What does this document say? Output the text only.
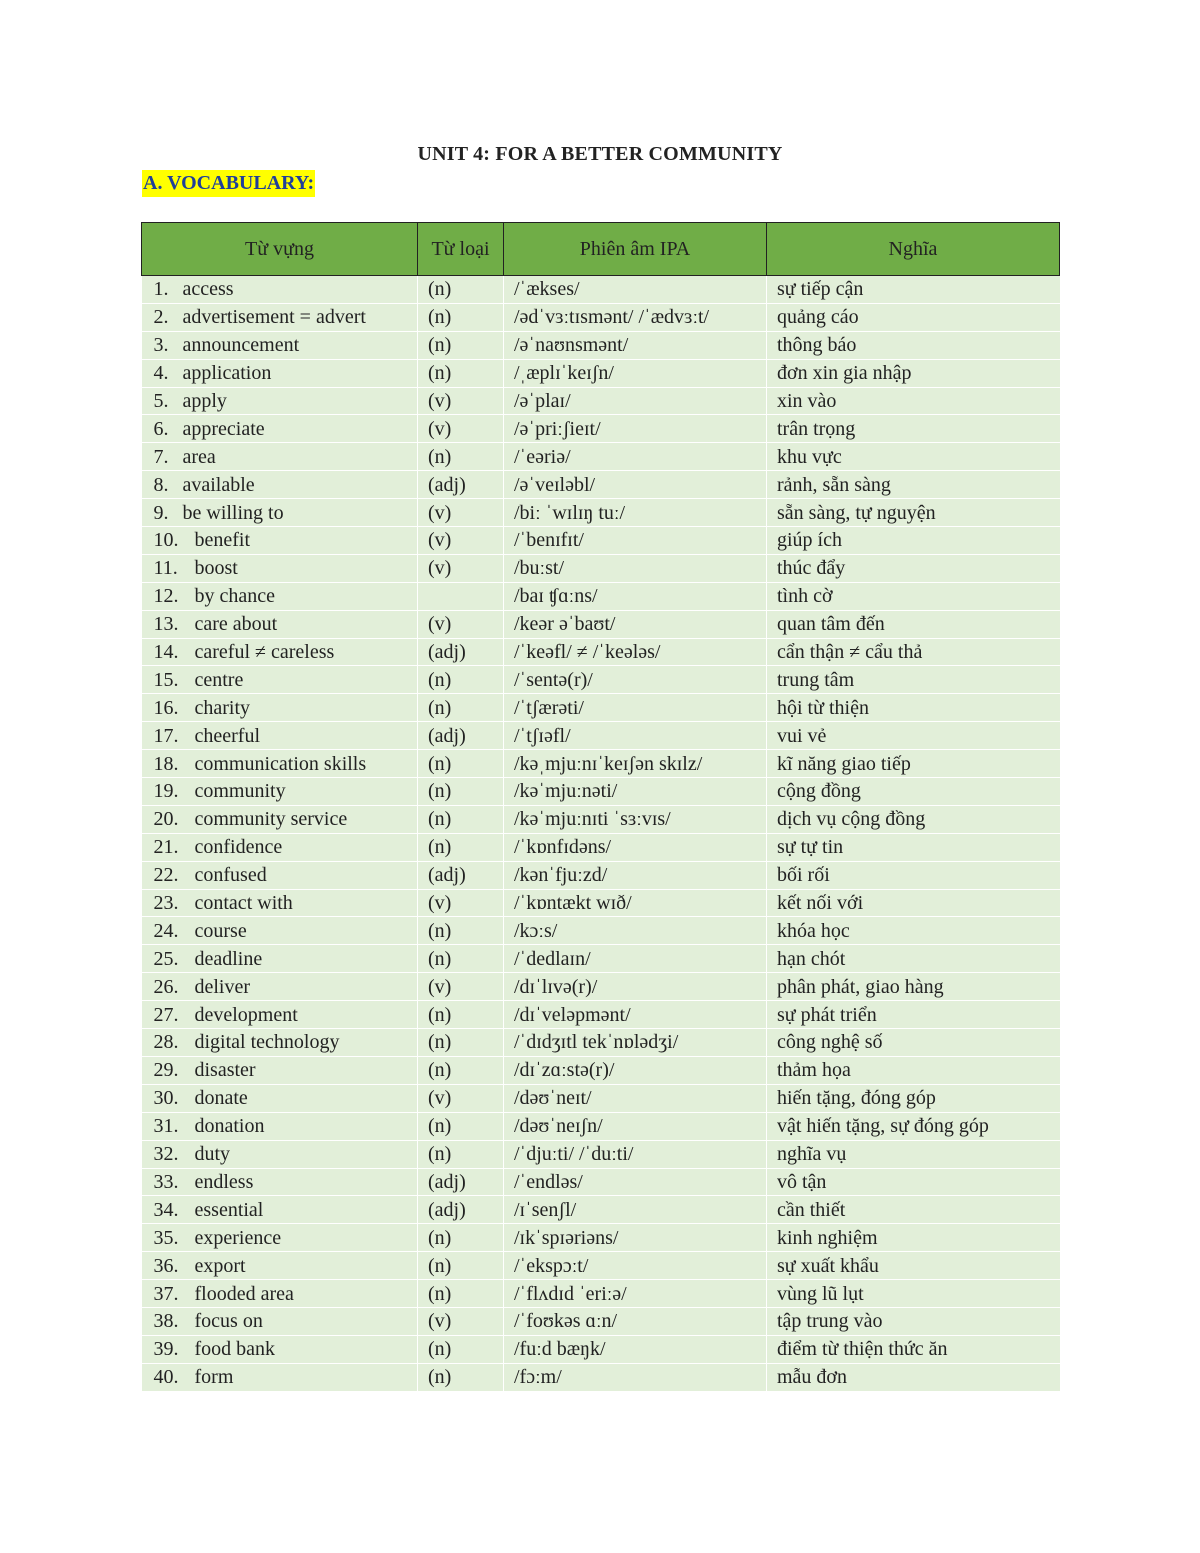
UNIT 4: FOR A BETTER COMMUNITY
A. VOCABULARY:
Từ vựng	Từ loại	Phiên âm IPA	Nghĩa
1. access	(n)	/ˈækses/	sự tiếp cận
2. advertisement = advert	(n)	/ədˈvɜːtɪsmənt/ /ˈædvɜːt/	quảng cáo
3. announcement	(n)	/əˈnaʊnsmənt/	thông báo
4. application	(n)	/ˌæplɪˈkeɪʃn/	đơn xin gia nhập
5. apply	(v)	/əˈplaɪ/	xin vào
6. appreciate	(v)	/əˈpriːʃieɪt/	trân trọng
7. area	(n)	/ˈeəriə/	khu vực
8. available	(adj)	/əˈveɪləbl/	rảnh, sẵn sàng
9. be willing to	(v)	/biː ˈwɪlɪŋ tuː/	sẵn sàng, tự nguyện
10. benefit	(v)	/ˈbenɪfɪt/	giúp ích
11. boost	(v)	/buːst/	thúc đẩy
12. by chance		/baɪ ʧɑːns/	tình cờ
13. care about	(v)	/keər əˈbaʊt/	quan tâm đến
14. careful ≠ careless	(adj)	/ˈkeəfl/ ≠ /ˈkeələs/	cẩn thận ≠ cẩu thả
15. centre	(n)	/ˈsentə(r)/	trung tâm
16. charity	(n)	/ˈtʃærəti/	hội từ thiện
17. cheerful	(adj)	/ˈtʃɪəfl/	vui vẻ
18. communication skills	(n)	/kəˌmjuːnɪˈkeɪʃən skɪlz/	kĩ năng giao tiếp
19. community	(n)	/kəˈmjuːnəti/	cộng đồng
20. community service	(n)	/kəˈmjuːnɪti ˈsɜːvɪs/	dịch vụ cộng đồng
21. confidence	(n)	/ˈkɒnfɪdəns/	sự tự tin
22. confused	(adj)	/kənˈfjuːzd/	bối rối
23. contact with	(v)	/ˈkɒntækt wɪð/	kết nối với
24. course	(n)	/kɔːs/	khóa học
25. deadline	(n)	/ˈdedlaɪn/	hạn chót
26. deliver	(v)	/dɪˈlɪvə(r)/	phân phát, giao hàng
27. development	(n)	/dɪˈveləpmənt/	sự phát triển
28. digital technology	(n)	/ˈdɪdʒɪtl tekˈnɒlədʒi/	công nghệ số
29. disaster	(n)	/dɪˈzɑːstə(r)/	thảm họa
30. donate	(v)	/dəʊˈneɪt/	hiến tặng, đóng góp
31. donation	(n)	/dəʊˈneɪʃn/	vật hiến tặng, sự đóng góp
32. duty	(n)	/ˈdjuːti/ /ˈduːti/	nghĩa vụ
33. endless	(adj)	/ˈendləs/	vô tận
34. essential	(adj)	/ɪˈsenʃl/	cần thiết
35. experience	(n)	/ɪkˈspɪəriəns/	kinh nghiệm
36. export	(n)	/ˈekspɔːt/	sự xuất khẩu
37. flooded area	(n)	/ˈflʌdɪd ˈeriːə/	vùng lũ lụt
38. focus on	(v)	/ˈfoʊkəs ɑːn/	tập trung vào
39. food bank	(n)	/fuːd bæŋk/	điểm từ thiện thức ăn
40. form	(n)	/fɔːm/	mẫu đơn
